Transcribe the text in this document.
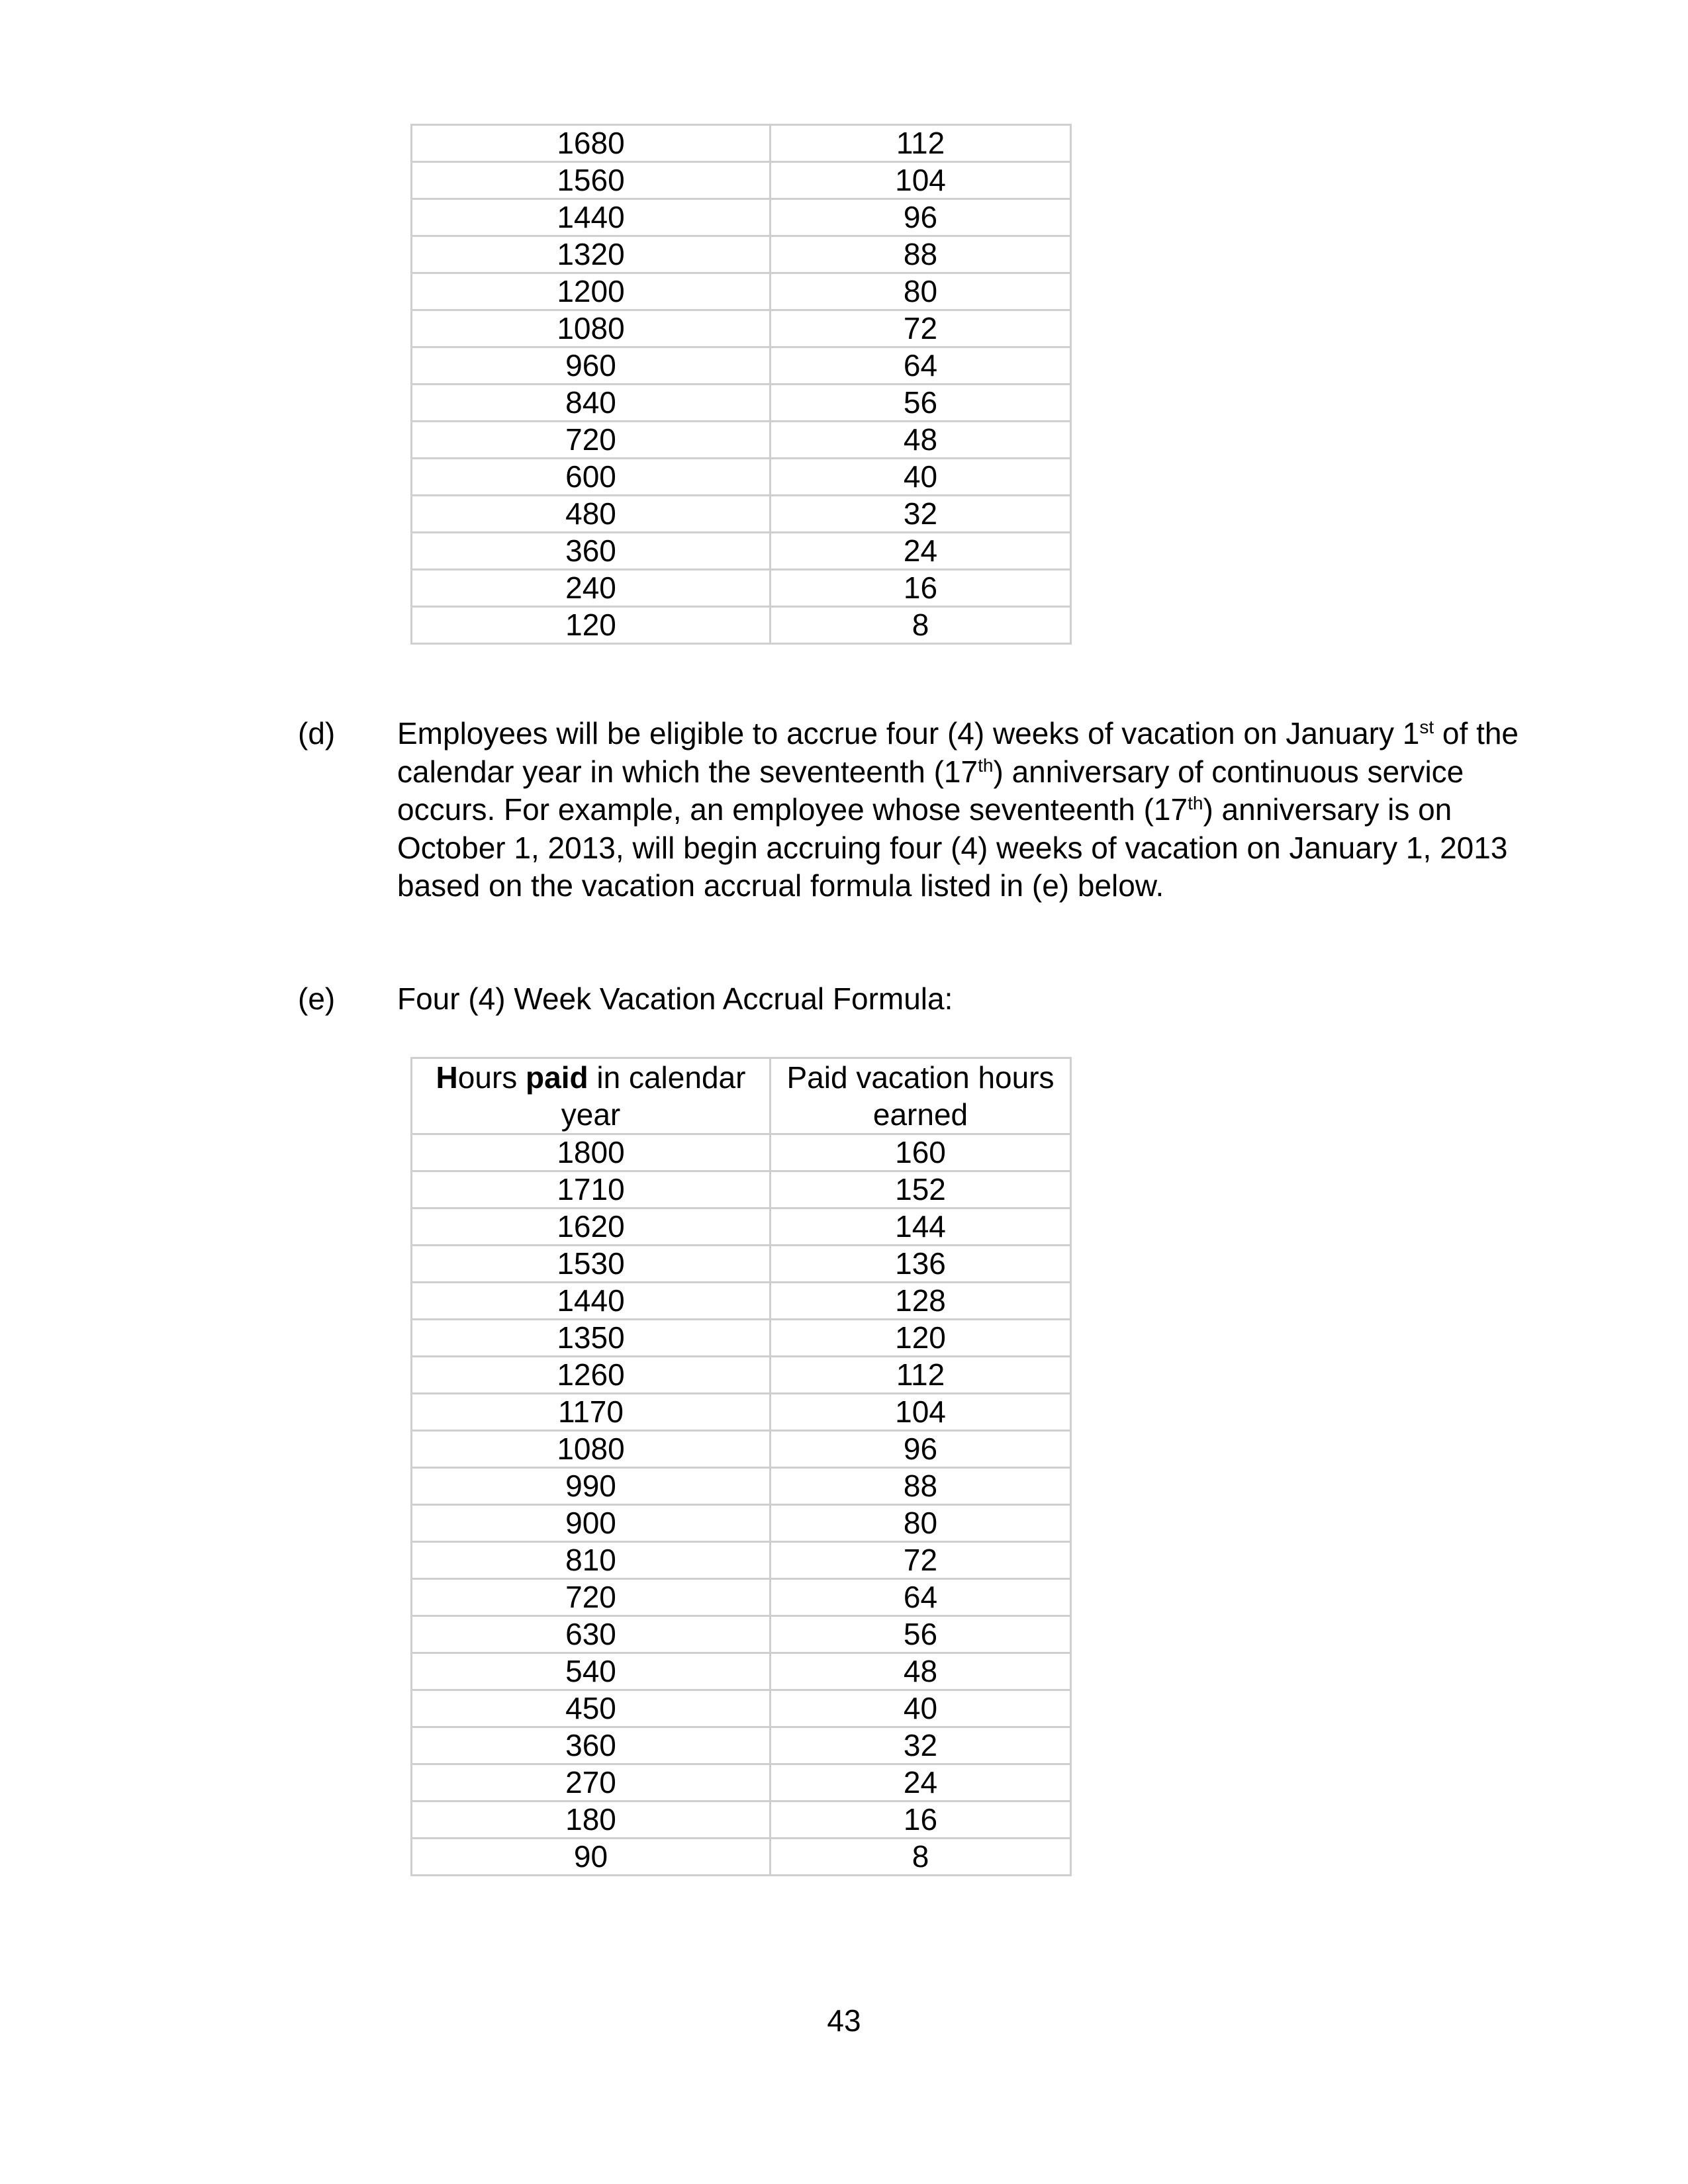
1680	112
1560	104
1440	96
1320	88
1200	80
1080	72
960	64
840	56
720	48
600	40
480	32
360	24
240	16
120	8
(d) Employees will be eligible to accrue four (4) weeks of vacation on January 1st of the calendar year in which the seventeenth (17th) anniversary of continuous service occurs. For example, an employee whose seventeenth (17th) anniversary is on October 1, 2013, will begin accruing four (4) weeks of vacation on January 1, 2013 based on the vacation accrual formula listed in (e) below.
(e) Four (4) Week Vacation Accrual Formula:
Hours paid in calendar year	Paid vacation hours earned
1800	160
1710	152
1620	144
1530	136
1440	128
1350	120
1260	112
1170	104
1080	96
990	88
900	80
810	72
720	64
630	56
540	48
450	40
360	32
270	24
180	16
90	8
43
